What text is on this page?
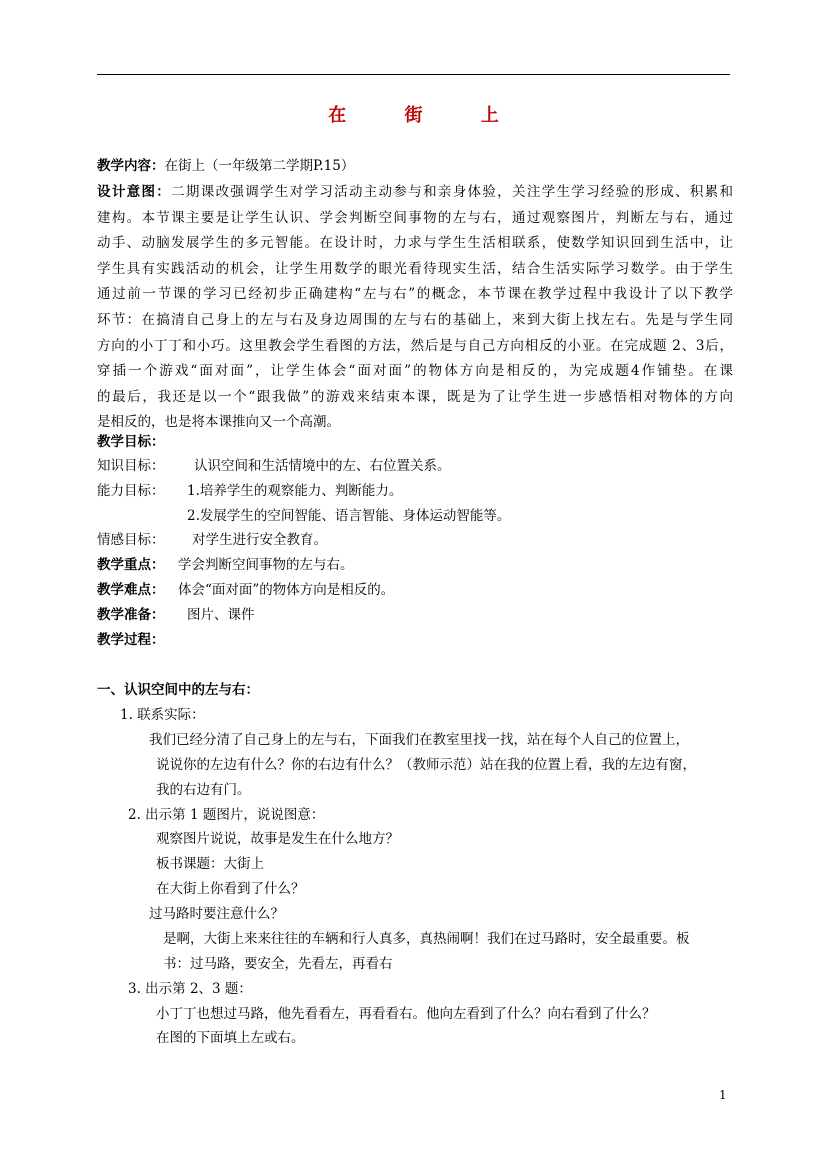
在 街 上
教学内容：在街上（一年级第二学期P.15）
设计意图：二期课改强调学生对学习活动主动参与和亲身体验，关注学生学习经验的形成、积累和
建构。本节课主要是让学生认识、学会判断空间事物的左与右，通过观察图片，判断左与右，通过
动手、动脑发展学生的多元智能。在设计时，力求与学生生活相联系，使数学知识回到生活中，让
学生具有实践活动的机会，让学生用数学的眼光看待现实生活，结合生活实际学习数学。由于学生
通过前一节课的学习已经初步正确建构“左与右”的概念，本节课在教学过程中我设计了以下教学
环节：在搞清自己身上的左与右及身边周围的左与右的基础上，来到大街上找左右。先是与学生同
方向的小丁丁和小巧。这里教会学生看图的方法，然后是与自己方向相反的小亚。在完成题 2、3后，
穿插一个游戏“面对面”，让学生体会“面对面”的物体方向是相反的，为完成题4作铺垫。在课
的最后，我还是以一个“跟我做”的游戏来结束本课，既是为了让学生进一步感悟相对物体的方向
是相反的，也是将本课推向又一个高潮。
教学目标：
知识目标： 认识空间和生活情境中的左、右位置关系。
能力目标： 1.培养学生的观察能力、判断能力。
2.发展学生的空间智能、语言智能、身体运动智能等。
情感目标： 对学生进行安全教育。
教学重点： 学会判断空间事物的左与右。
教学难点： 体会“面对面”的物体方向是相反的。
教学准备： 图片、课件
教学过程：
一、认识空间中的左与右：
1. 联系实际：
我们已经分清了自己身上的左与右，下面我们在教室里找一找，站在每个人自己的位置上，
说说你的左边有什么？你的右边有什么？（教师示范）站在我的位置上看，我的左边有窗，
我的右边有门。
2. 出示第 1 题图片，说说图意：
观察图片说说，故事是发生在什么地方？
板书课题：大街上
在大街上你看到了什么？
过马路时要注意什么？
是啊，大街上来来往往的车辆和行人真多，真热闹啊！我们在过马路时，安全最重要。板
书：过马路，要安全，先看左，再看右
3. 出示第 2、3 题：
小丁丁也想过马路，他先看看左，再看看右。他向左看到了什么？向右看到了什么？
在图的下面填上左或右。
1
